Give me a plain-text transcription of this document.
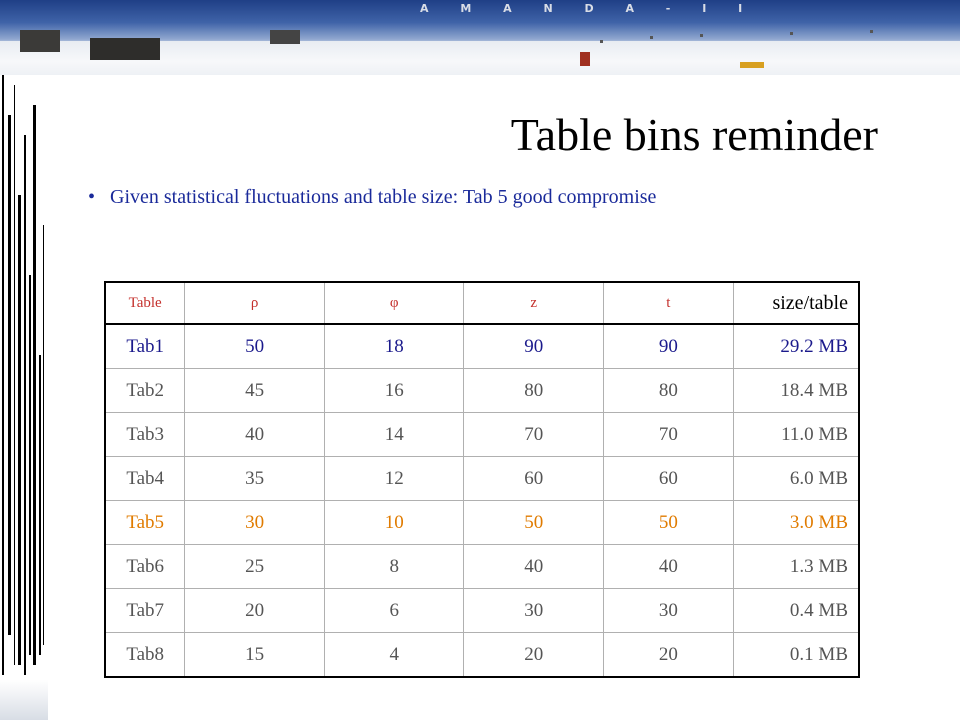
A M A N D A - I I
Table bins reminder
• Given statistical fluctuations and table size: Tab 5 good compromise
Table	ρ	φ	z	t	size/table
Tab1	50	18	90	90	29.2 MB
Tab2	45	16	80	80	18.4 MB
Tab3	40	14	70	70	11.0 MB
Tab4	35	12	60	60	6.0 MB
Tab5	30	10	50	50	3.0 MB
Tab6	25	8	40	40	1.3 MB
Tab7	20	6	30	30	0.4 MB
Tab8	15	4	20	20	0.1 MB
